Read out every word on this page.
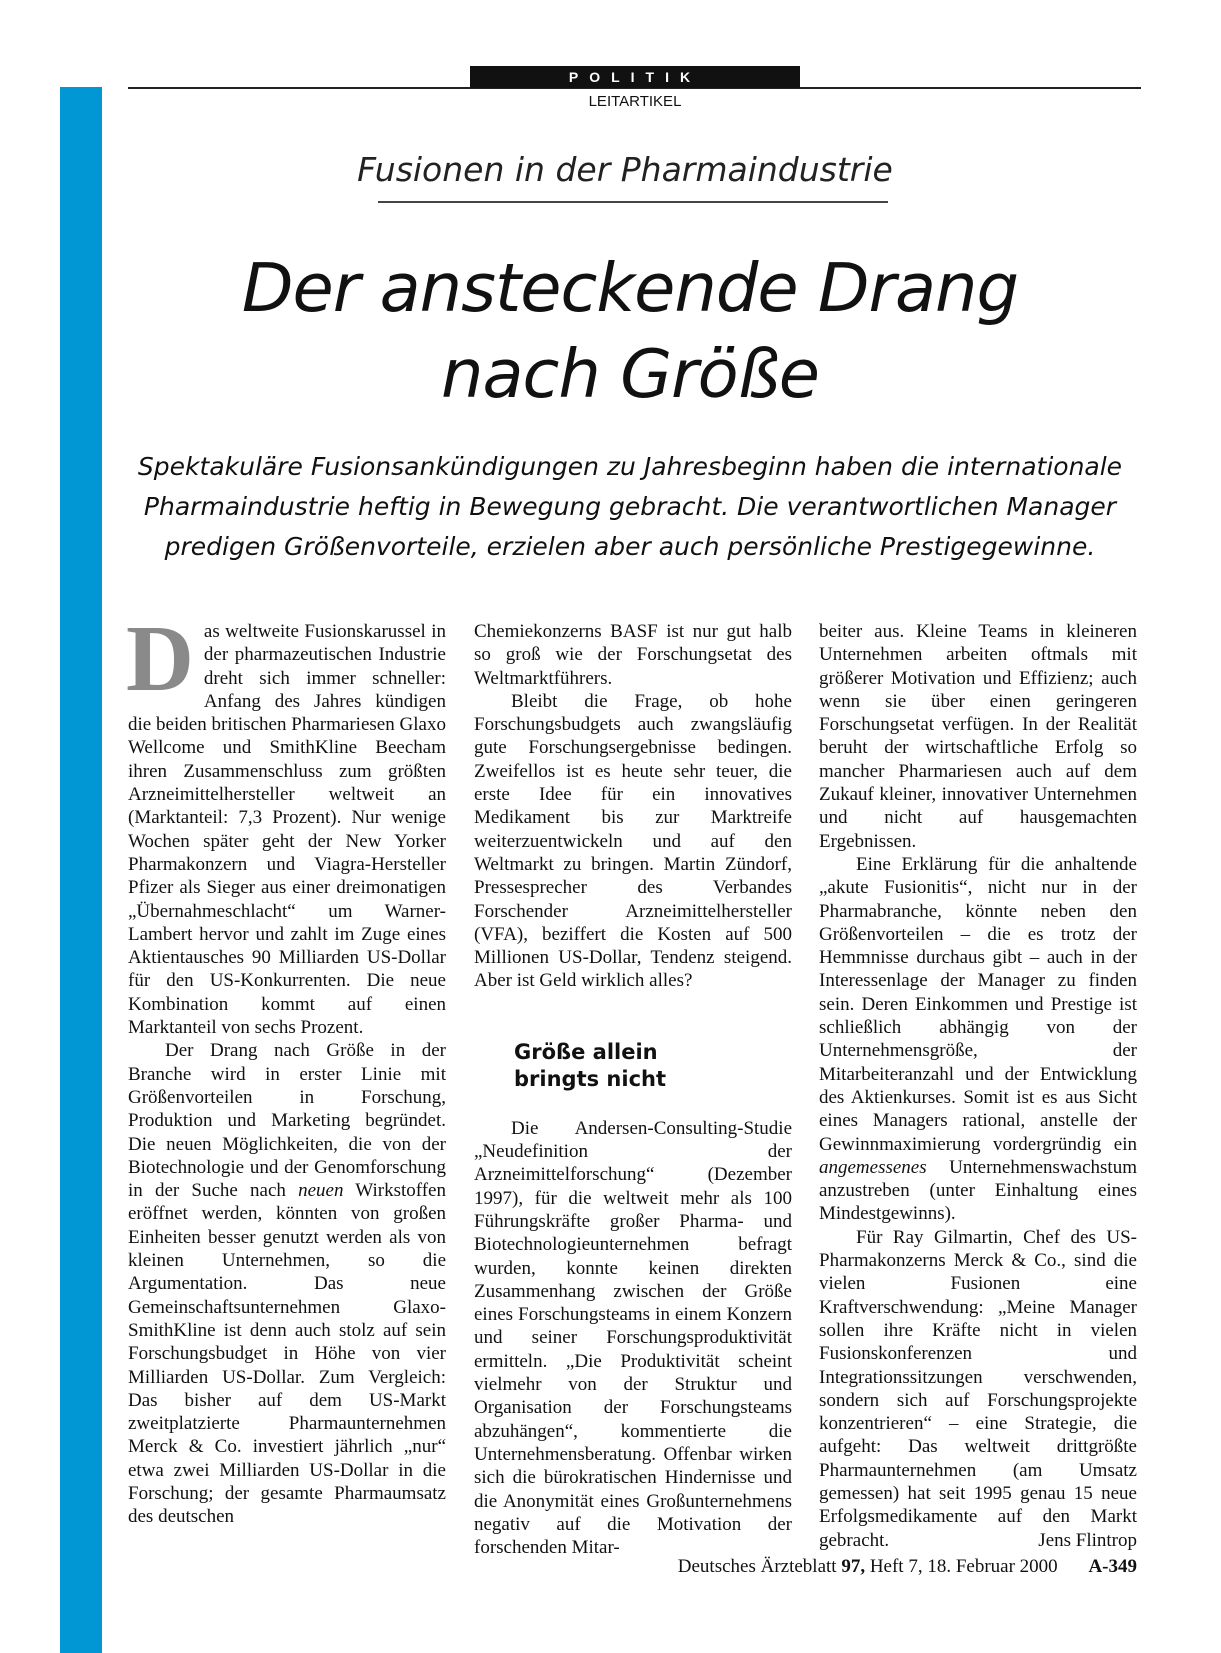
POLITIK
LEITARTIKEL
Fusionen in der Pharmaindustrie
Der ansteckende Drang
nach Größe
Spektakuläre Fusionsankündigungen zu Jahresbeginn haben die internationale Pharmaindustrie heftig in Bewegung gebracht. Die verantwortlichen Manager predigen Größenvorteile, erzielen aber auch persönliche Prestigegewinne.

Das weltweite Fusionskarussel in der pharmazeutischen Industrie dreht sich immer schneller: Anfang des Jahres kündigen die beiden britischen Pharmariesen Glaxo Wellcome und SmithKline Beecham ihren Zusammenschluss zum größten Arzneimittelhersteller weltweit an (Marktanteil: 7,3 Prozent). Nur wenige Wochen später geht der New Yorker Pharmakonzern und Viagra-Hersteller Pfizer als Sieger aus einer dreimonatigen „Übernahmeschlacht“ um Warner-Lambert hervor und zahlt im Zuge eines Aktientausches 90 Milliarden US-Dollar für den US-Konkurrenten. Die neue Kombination kommt auf einen Marktanteil von sechs Prozent.

Der Drang nach Größe in der Branche wird in erster Linie mit Größenvorteilen in Forschung, Produktion und Marketing begründet. Die neuen Möglichkeiten, die von der Biotechnologie und der Genomforschung in der Suche nach neuen Wirkstoffen eröffnet werden, könnten von großen Einheiten besser genutzt werden als von kleinen Unternehmen, so die Argumentation. Das neue Gemeinschaftsunternehmen Glaxo-SmithKline ist denn auch stolz auf sein Forschungsbudget in Höhe von vier Milliarden US-Dollar. Zum Vergleich: Das bisher auf dem US-Markt zweitplatzierte Pharmaunternehmen Merck & Co. investiert jährlich „nur“ etwa zwei Milliarden US-Dollar in die Forschung; der gesamte Pharmaumsatz des deutschen

Chemiekonzerns BASF ist nur gut halb so groß wie der Forschungsetat des Weltmarktführers.

Bleibt die Frage, ob hohe Forschungsbudgets auch zwangsläufig gute Forschungsergebnisse bedingen. Zweifellos ist es heute sehr teuer, die erste Idee für ein innovatives Medikament bis zur Marktreife weiterzuentwickeln und auf den Weltmarkt zu bringen. Martin Zündorf, Pressesprecher des Verbandes Forschender Arzneimittelhersteller (VFA), beziffert die Kosten auf 500 Millionen US-Dollar, Tendenz steigend. Aber ist Geld wirklich alles?

Größe allein
bringts nicht

Die Andersen-Consulting-Studie „Neudefinition der Arzneimittelforschung“ (Dezember 1997), für die weltweit mehr als 100 Führungskräfte großer Pharma- und Biotechnologieunternehmen befragt wurden, konnte keinen direkten Zusammenhang zwischen der Größe eines Forschungsteams in einem Konzern und seiner Forschungsproduktivität ermitteln. „Die Produktivität scheint vielmehr von der Struktur und Organisation der Forschungsteams abzuhängen“, kommentierte die Unternehmensberatung. Offenbar wirken sich die bürokratischen Hindernisse und die Anonymität eines Großunternehmens negativ auf die Motivation der forschenden Mitar-

beiter aus. Kleine Teams in kleineren Unternehmen arbeiten oftmals mit größerer Motivation und Effizienz; auch wenn sie über einen geringeren Forschungsetat verfügen. In der Realität beruht der wirtschaftliche Erfolg so mancher Pharmariesen auch auf dem Zukauf kleiner, innovativer Unternehmen und nicht auf hausgemachten Ergebnissen.

Eine Erklärung für die anhaltende „akute Fusionitis“, nicht nur in der Pharmabranche, könnte neben den Größenvorteilen – die es trotz der Hemmnisse durchaus gibt – auch in der Interessenlage der Manager zu finden sein. Deren Einkommen und Prestige ist schließlich abhängig von der Unternehmensgröße, der Mitarbeiteranzahl und der Entwicklung des Aktienkurses. Somit ist es aus Sicht eines Managers rational, anstelle der Gewinnmaximierung vordergründig ein angemessenes Unternehmenswachstum anzustreben (unter Einhaltung eines Mindestgewinns).

Für Ray Gilmartin, Chef des US-Pharmakonzerns Merck & Co., sind die vielen Fusionen eine Kraftverschwendung: „Meine Manager sollen ihre Kräfte nicht in vielen Fusionskonferenzen und Integrationssitzungen verschwenden, sondern sich auf Forschungsprojekte konzentrieren“ – eine Strategie, die aufgeht: Das weltweit drittgrößte Pharmaunternehmen (am Umsatz gemessen) hat seit 1995 genau 15 neue Erfolgsmedikamente auf den Markt gebracht.	Jens Flintrop

Deutsches Ärzteblatt 97, Heft 7, 18. Februar 2000 A-349
